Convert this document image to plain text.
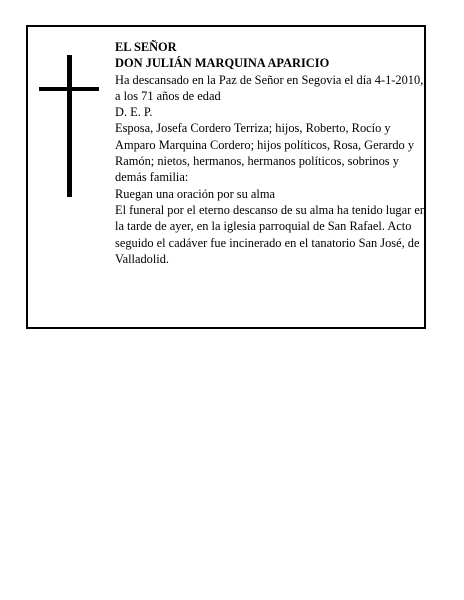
EL SEÑOR

DON JULIÁN MARQUINA APARICIO

Ha descansado en la Paz de Señor en Segovia el día 4-1-2010, a los 71 años de edad

D. E. P.

Esposa, Josefa Cordero Terriza; hijos, Roberto, Rocío y Amparo Marquina Cordero; hijos políticos, Rosa, Gerardo y Ramón; nietos, hermanos, hermanos políticos, sobrinos y demás familia:

Ruegan una oración por su alma

El funeral por el eterno descanso de su alma ha tenido lugar en la tarde de ayer, en la iglesia parroquial de San Rafael. Acto seguido el cadáver fue incinerado en el tanatorio San José, de Valladolid.
